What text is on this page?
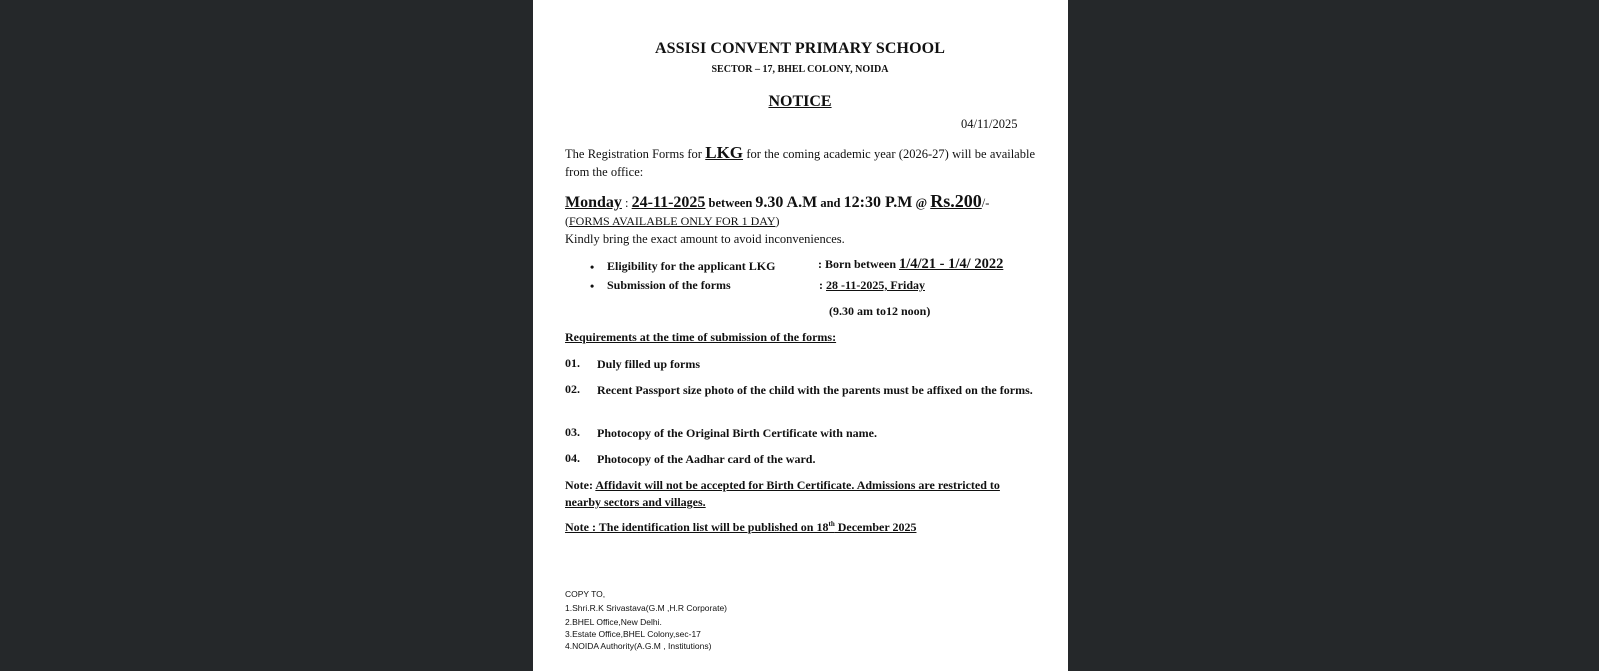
ASSISI CONVENT PRIMARY SCHOOL
SECTOR – 17, BHEL COLONY, NOIDA
NOTICE
04/11/2025
The Registration Forms for LKG for the coming academic year (2026-27) will be available from the office:
Monday : 24-11-2025 between 9.30 A.M and 12:30 P.M @ Rs.200/-
(FORMS AVAILABLE ONLY FOR 1 DAY)
Kindly bring the exact amount to avoid inconveniences.
• Eligibility for the applicant LKG	: Born between 1/4/21 - 1/4/ 2022
• Submission of the forms	: 28 -11-2025, Friday
(9.30 am to12 noon)
Requirements at the time of submission of the forms:
01. Duly filled up forms
02. Recent Passport size photo of the child with the parents must be affixed on the forms.
03. Photocopy of the Original Birth Certificate with name.
04. Photocopy of the Aadhar card of the ward.
Note: Affidavit will not be accepted for Birth Certificate. Admissions are restricted to nearby sectors and villages.
Note : The identification list will be published on 18th December 2025
COPY TO,
1.Shri.R.K Srivastava(G.M ,H.R Corporate)
2.BHEL Office,New Delhi.
3.Estate Office,BHEL Colony,sec-17
4.NOIDA Authority(A.G.M , Institutions)
